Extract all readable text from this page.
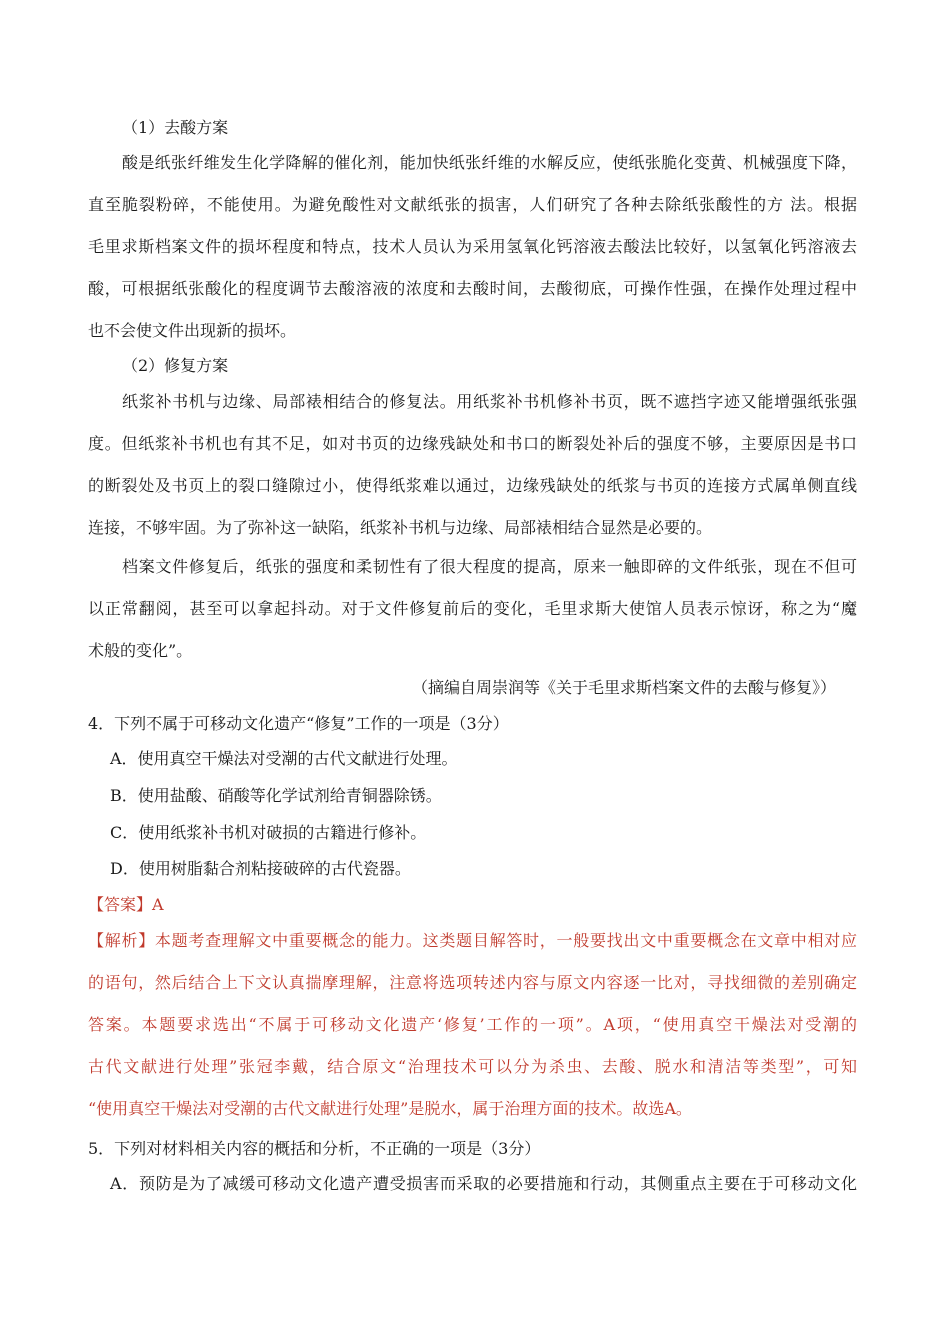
（1）去酸方案
酸是纸张纤维发生化学降解的催化剂，能加快纸张纤维的水解反应，使纸张脆化变黄、机械强度下降，
直至脆裂粉碎，不能使用。为避免酸性对文献纸张的损害，人们研究了各种去除纸张酸性的方 法。根据
毛里求斯档案文件的损坏程度和特点，技术人员认为采用氢氧化钙溶液去酸法比较好，以氢氧化钙溶液去
酸，可根据纸张酸化的程度调节去酸溶液的浓度和去酸时间，去酸彻底，可操作性强，在操作处理过程中
也不会使文件出现新的损坏。
（2）修复方案
纸浆补书机与边缘、局部裱相结合的修复法。用纸浆补书机修补书页，既不遮挡字迹又能增强纸张强
度。但纸浆补书机也有其不足，如对书页的边缘残缺处和书口的断裂处补后的强度不够，主要原因是书口
的断裂处及书页上的裂口缝隙过小，使得纸浆难以通过，边缘残缺处的纸浆与书页的连接方式属单侧直线
连接，不够牢固。为了弥补这一缺陷，纸浆补书机与边缘、局部裱相结合显然是必要的。
档案文件修复后，纸张的强度和柔韧性有了很大程度的提高，原来一触即碎的文件纸张，现在不但可
以正常翻阅，甚至可以拿起抖动。对于文件修复前后的变化，毛里求斯大使馆人员表示惊讶，称之为“魔
术般的变化”。
（摘编自周崇润等《关于毛里求斯档案文件的去酸与修复》）
4．下列不属于可移动文化遗产“修复”工作的一项是（3分）
A．使用真空干燥法对受潮的古代文献进行处理。
B．使用盐酸、硝酸等化学试剂给青铜器除锈。
C．使用纸浆补书机对破损的古籍进行修补。
D．使用树脂黏合剂粘接破碎的古代瓷器。
【答案】A
【解析】本题考查理解文中重要概念的能力。这类题目解答时，一般要找出文中重要概念在文章中相对应
的语句，然后结合上下文认真揣摩理解，注意将选项转述内容与原文内容逐一比对，寻找细微的差别确定
答案。本题要求选出“不属于可移动文化遗产‘修复’工作的一项”。A项，“使用真空干燥法对受潮的
古代文献进行处理”张冠李戴，结合原文“治理技术可以分为杀虫、去酸、脱水和清洁等类型”，可知
“使用真空干燥法对受潮的古代文献进行处理”是脱水，属于治理方面的技术。故选A。
5．下列对材料相关内容的概括和分析，不正确的一项是（3分）
A．预防是为了减缓可移动文化遗产遭受损害而采取的必要措施和行动，其侧重点主要在于可移动文化
